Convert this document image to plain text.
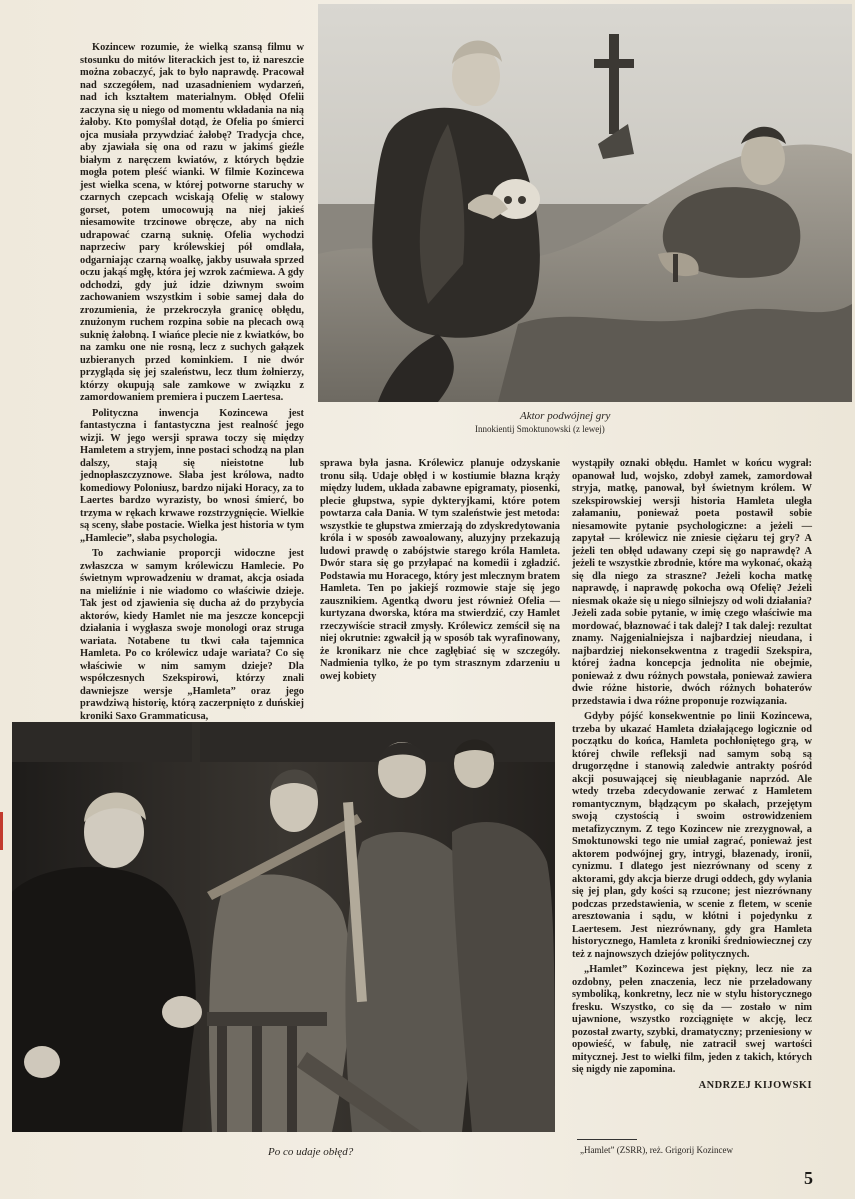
Aktor podwójnej gry
Innokientij Smoktunowski (z lewej)

Kozincew rozumie, że wielką szansą filmu w stosunku do mitów literackich jest to, iż nareszcie można zobaczyć, jak to było naprawdę. Pracował nad szczegółem, nad uzasadnieniem wydarzeń, nad ich kształtem materialnym. Obłęd Ofelii zaczyna się u niego od momentu wkładania na nią żałoby. Kto pomyślał dotąd, że Ofelia po śmierci ojca musiała przywdziać żałobę? Tradycja chce, aby zjawiała się ona od razu w jakimś gieźle białym z naręczem kwiatów, z których będzie mogła potem pleść wianki. W filmie Kozincewa jest wielka scena, w której potworne staruchy w czarnych czepcach wciskają Ofelię w stalowy gorset, potem umocowują na niej jakieś niesamowite trzcinowe obręcze, aby na nich udrapować czarną suknię. Ofelia wychodzi naprzeciw pary królewskiej pół omdlała, odgarniając czarną woalkę, jakby usuwała sprzed oczu jakąś mgłę, która jej wzrok zaćmiewa. A gdy odchodzi, gdy już idzie dziwnym swoim zachowaniem wszystkim i sobie samej dała do zrozumienia, że przekroczyła granicę obłędu, znużonym ruchem rozpina sobie na plecach ową suknię żałobną. I wiańce plecie nie z kwiatków, bo na zamku one nie rosną, lecz z suchych gałązek uzbieranych przed kominkiem. I nie dwór przygląda się jej szaleństwu, lecz tłum żołnierzy, którzy okupują sale zamkowe w związku z zamordowaniem premiera i puczem Laertesa.

Polityczna inwencja Kozincewa jest fantastyczna i fantastyczna jest realność jego wizji. W jego wersji sprawa toczy się między Hamletem a stryjem, inne postaci schodzą na plan dalszy, stają się nieistotne lub jednopłaszczyznowe. Słaba jest królowa, nadto komediowy Poloniusz, bardzo nijaki Horacy, za to Laertes bardzo wyrazisty, bo wnosi śmierć, bo trzyma w rękach krwawe rozstrzygnięcie. Wielkie są sceny, słabe postacie. Wielka jest historia w tym „Hamlecie”, słaba psychologia.

To zachwianie proporcji widoczne jest zwłaszcza w samym królewiczu Hamlecie. Po świetnym wprowadzeniu w dramat, akcja osiada na mieliźnie i nie wiadomo co właściwie dzieje. Tak jest od zjawienia się ducha aż do przybycia aktorów, kiedy Hamlet nie ma jeszcze koncepcji działania i wygłasza swoje monologi oraz struga wariata. Notabene tu tkwi cała tajemnica Hamleta. Po co królewicz udaje wariata? Co się właściwie w nim samym dzieje? Dla współczesnych Szekspirowi, którzy znali dawniejsze wersje „Hamleta” oraz jego prawdziwą historię, którą zaczerpnięto z duńskiej kroniki Saxo Grammaticusa,

sprawa była jasna. Królewicz planuje odzyskanie tronu siłą. Udaje obłęd i w kostiumie błazna krąży między ludem, układa zabawne epigramaty, piosenki, plecie głupstwa, sypie dykteryjkami, które potem powtarza cała Dania. W tym szaleństwie jest metoda: wszystkie te głupstwa zmierzają do zdyskredytowania króla i w sposób zawoalowany, aluzyjny przekazują ludowi prawdę o zabójstwie starego króla Hamleta. Dwór stara się go przyłapać na komedii i zgładzić. Podstawia mu Horacego, który jest mlecznym bratem Hamleta. Ten po jakiejś rozmowie staje się jego zausznikiem. Agentką dworu jest również Ofelia — kurtyzana dworska, która ma stwierdzić, czy Hamlet rzeczywiście stracił zmysły. Królewicz zemścił się na niej okrutnie: zgwałcił ją w sposób tak wyrafinowany, że kronikarz nie chce zagłębiać się w szczegóły. Nadmienia tylko, że po tym strasznym zdarzeniu u owej kobiety

wystąpiły oznaki obłędu. Hamlet w końcu wygrał: opanował lud, wojsko, zdobył zamek, zamordował stryja, matkę, panował, był świetnym królem. W szekspirowskiej wersji historia Hamleta uległa załamaniu, ponieważ poeta postawił sobie niesamowite pytanie psychologiczne: a jeżeli — zapytał — królewicz nie zniesie ciężaru tej gry? A jeżeli ten obłęd udawany czepi się go naprawdę? A jeżeli te wszystkie zbrodnie, które ma wykonać, okażą się dla niego za straszne? Jeżeli kocha matkę naprawdę, i naprawdę pokocha ową Ofelię? Jeżeli niesmak okaże się u niego silniejszy od woli działania? Jeżeli zada sobie pytanie, w imię czego właściwie ma mordować, błaznować i tak dalej? I tak dalej: rezultat znamy. Najgenialniejsza i najbardziej nieudana, i najbardziej niekonsekwentna z tragedii Szekspira, której żadna koncepcja jednolita nie obejmie, ponieważ z dwu różnych powstała, ponieważ zawiera dwie różne historie, dwóch różnych bohaterów przedstawia i dwa różne proponuje rozwiązania.

Gdyby pójść konsekwentnie po linii Kozincewa, trzeba by ukazać Hamleta działającego logicznie od początku do końca, Hamleta pochłoniętego grą, w której chwile refleksji nad samym sobą są drugorzędne i stanowią zaledwie antrakty pośród akcji posuwającej się nieubłaganie naprzód. Ale wtedy trzeba zdecydowanie zerwać z Hamletem romantycznym, błądzącym po skałach, przejętym swoją czystością i swoim ostrowidzeniem metafizycznym. Z tego Kozincew nie zrezygnował, a Smoktunowski tego nie umiał zagrać, ponieważ jest aktorem podwójnej gry, intrygi, błazenady, ironii, cynizmu. I dlatego jest niezrównany od sceny z aktorami, gdy akcja bierze drugi oddech, gdy wylania się jej plan, gdy kości są rzucone; jest niezrównany podczas przedstawienia, w scenie z fletem, w scenie aresztowania i sądu, w kłótni i pojedynku z Laertesem. Jest niezrównany, gdy gra Hamleta historycznego, Hamleta z kroniki średniowiecznej czy też z najnowszych dziejów politycznych.

„Hamlet” Kozincewa jest piękny, lecz nie za ozdobny, pełen znaczenia, lecz nie przeładowany symboliką, konkretny, lecz nie w stylu historycznego fresku. Wszystko, co się da — zostało w nim ujawnione, wszystko rozciągnięte w akcję, lecz pozostał zwarty, szybki, dramatyczny; przeniesiony w opowieść, w fabułę, nie zatracił swej wartości mitycznej. Jest to wielki film, jeden z takich, których się nigdy nie zapomina.

ANDRZEJ KIJOWSKI

Po co udaje obłęd?	„Hamlet” (ZSRR), reż. Grigorij Kozincew
5
